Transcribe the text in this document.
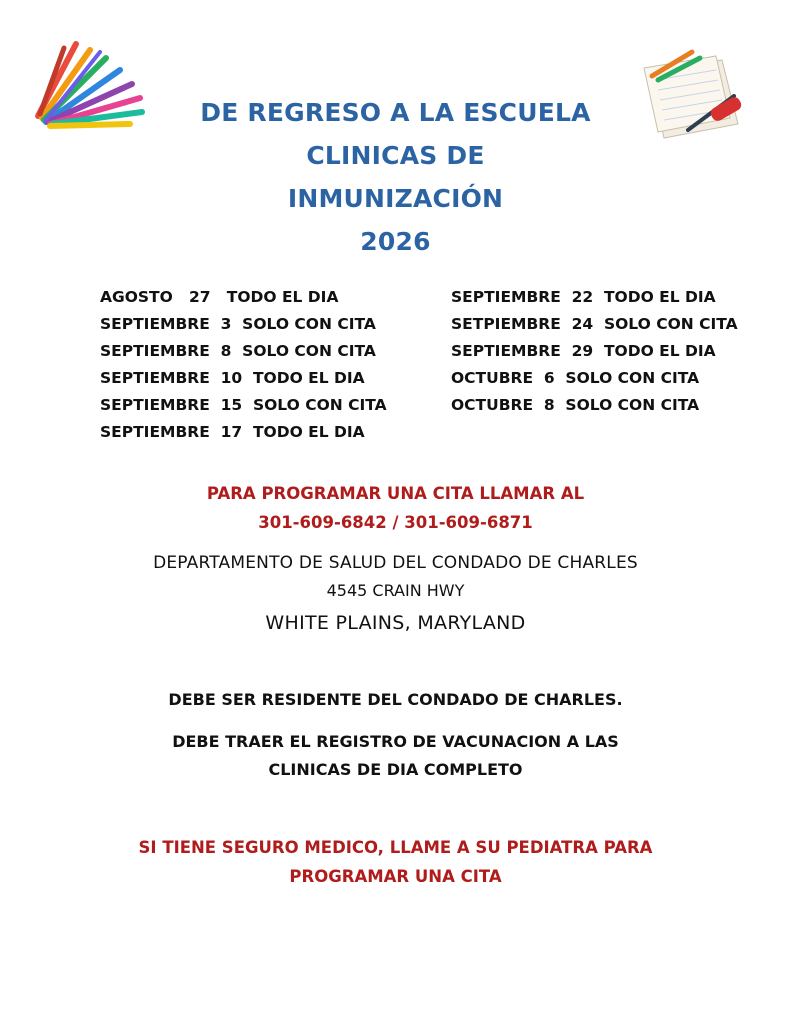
DE REGRESO A LA ESCUELA
CLINICAS DE
INMUNIZACIÓN
2026
AGOSTO   27   TODO EL DIA
SEPTIEMBRE  3  SOLO CON CITA
SEPTIEMBRE  8  SOLO CON CITA
SEPTIEMBRE  10  TODO EL DIA
SEPTIEMBRE  15  SOLO CON CITA
SEPTIEMBRE  17  TODO EL DIA
SEPTIEMBRE  22  TODO EL DIA
SETPIEMBRE  24  SOLO CON CITA
SEPTIEMBRE  29  TODO EL DIA
OCTUBRE  6  SOLO CON CITA
OCTUBRE  8  SOLO CON CITA

PARA PROGRAMAR UNA CITA LLAMAR AL

301-609-6842 / 301-609-6871

DEPARTAMENTO DE SALUD DEL CONDADO DE CHARLES

4545 CRAIN HWY

WHITE PLAINS, MARYLAND

DEBE SER RESIDENTE DEL CONDADO DE CHARLES.

DEBE TRAER EL REGISTRO DE VACUNACION A LAS

CLINICAS DE DIA COMPLETO

SI TIENE SEGURO MEDICO, LLAME A SU PEDIATRA PARA

PROGRAMAR UNA CITA
